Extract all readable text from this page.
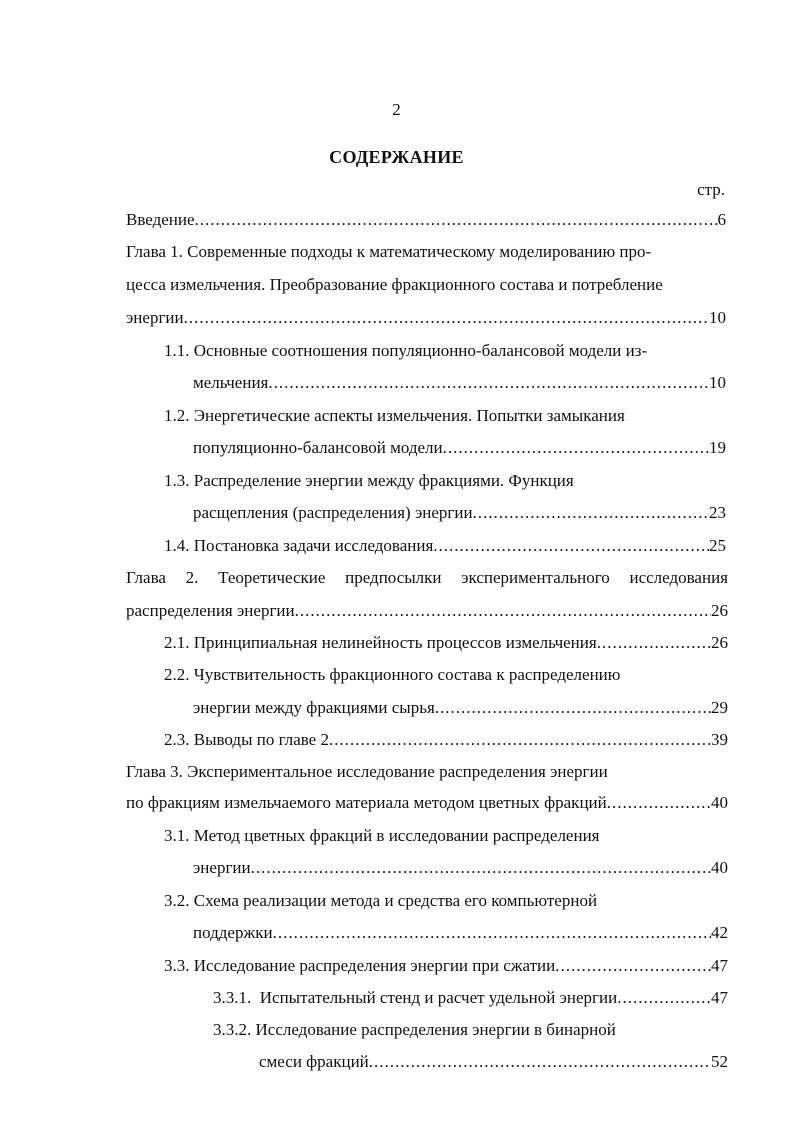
2
СОДЕРЖАНИЕ
стр.
Введение .....	6
Глава 1. Современные подходы к математическому моделированию про-
цесса измельчения. Преобразование фракционного состава и потребление
энергии .....	10
1.1. Основные соотношения популяционно-балансовой модели из-
мельчения .....	10
1.2. Энергетические аспекты измельчения. Попытки замыкания
популяционно-балансовой модели .....	19
1.3. Распределение энергии между фракциями. Функция
расщепления (распределения) энергии .....	23
1.4. Постановка задачи исследования .....	25
Глава 2. Теоретические предпосылки экспериментального исследования
распределения энергии .....	26
2.1. Принципиальная нелинейность процессов измельчения .....	26
2.2. Чувствительность фракционного состава к распределению
энергии между фракциями сырья .....	29
2.3. Выводы по главе 2 .....	39
Глава 3. Экспериментальное исследование распределения энергии
по фракциям измельчаемого материала методом цветных фракций .....	40
3.1. Метод цветных фракций в исследовании распределения
энергии .....	40
3.2. Схема реализации метода и средства его компьютерной
поддержки .....	42
3.3. Исследование распределения энергии при сжатии .....	47
3.3.1.  Испытательный стенд и расчет удельной энергии .....	47
3.3.2. Исследование распределения энергии в бинарной
смеси фракций .....	52
